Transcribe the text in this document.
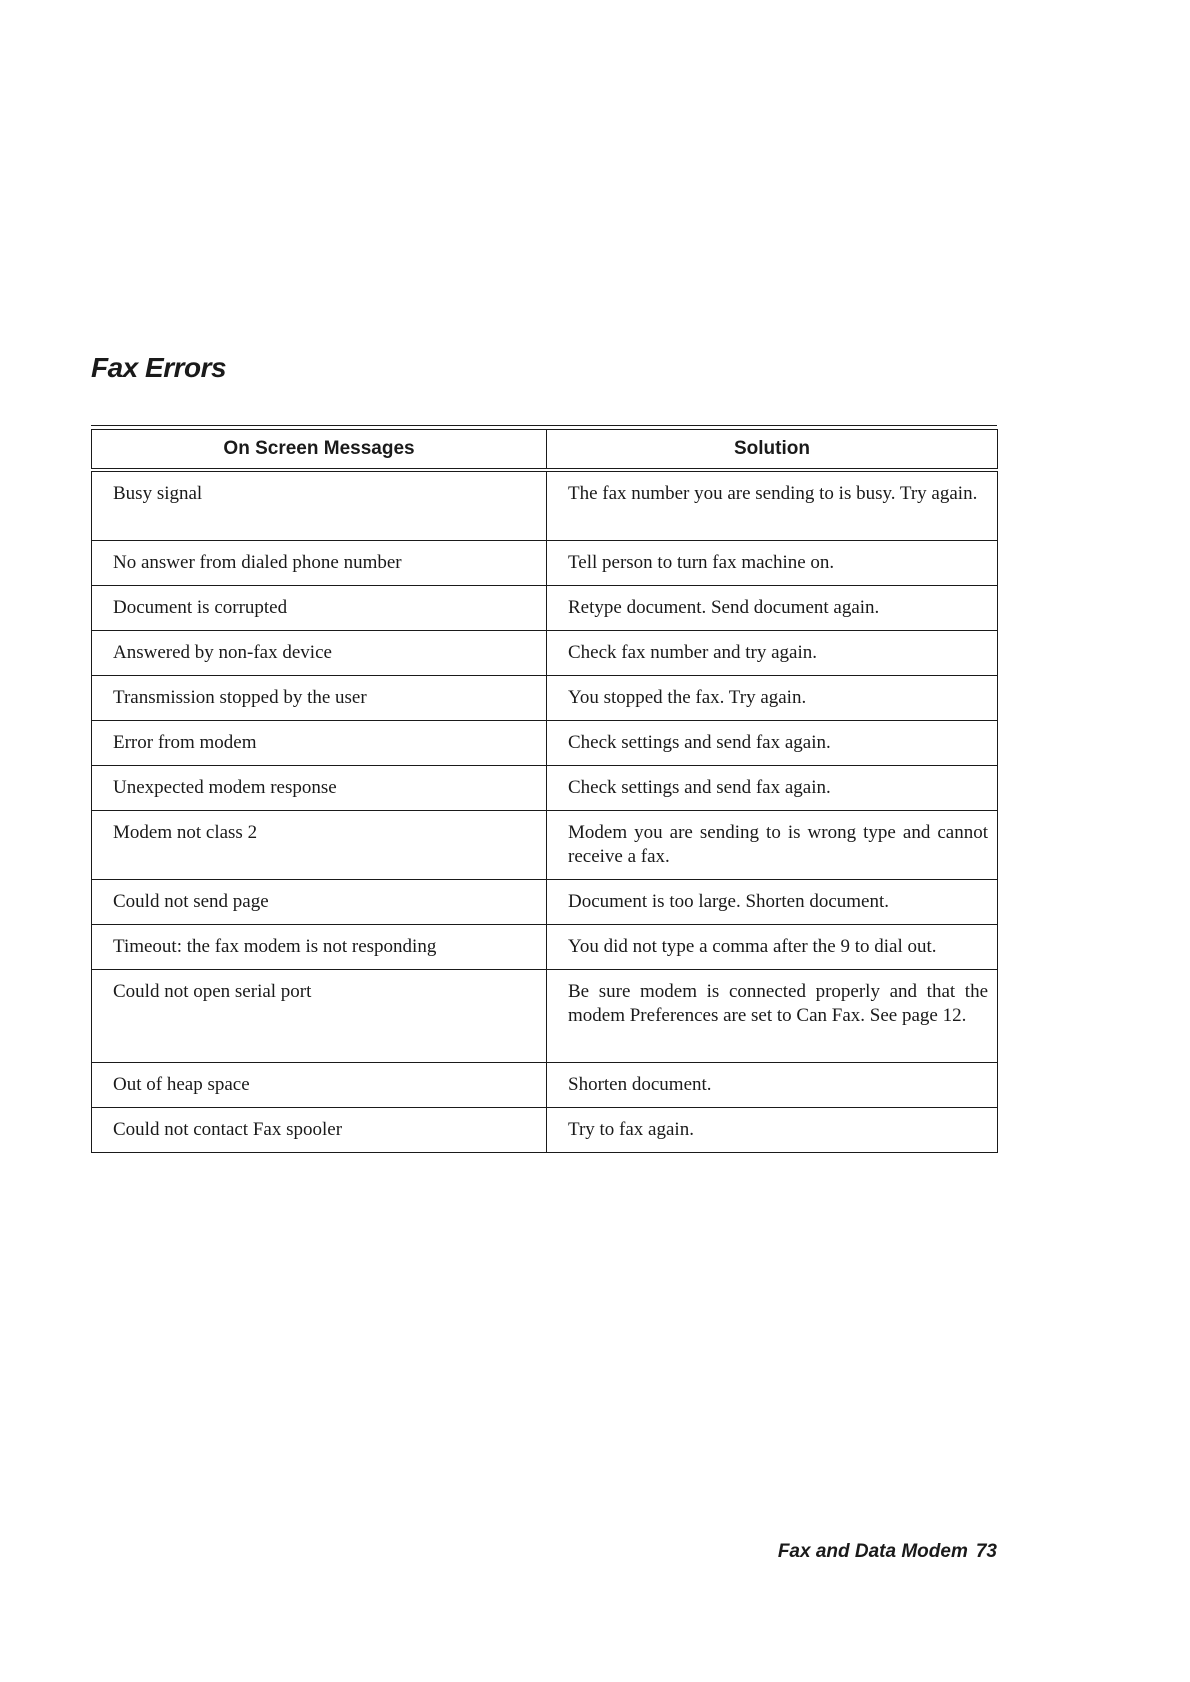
Fax Errors
On Screen Messages	Solution
Busy signal	The fax number you are sending to is busy. Try again.
No answer from dialed phone number	Tell person to turn fax machine on.
Document is corrupted	Retype document. Send document again.
Answered by non-fax device	Check fax number and try again.
Transmission stopped by the user	You stopped the fax. Try again.
Error from modem	Check settings and send fax again.
Unexpected modem response	Check settings and send fax again.
Modem not class 2	Modem you are sending to is wrong type and cannot receive a fax.
Could not send page	Document is too large. Shorten document.
Timeout: the fax modem is not responding	You did not type a comma after the 9 to dial out.
Could not open serial port	Be sure modem is connected properly and that the modem Preferences are set to Can Fax. See page 12.
Out of heap space	Shorten document.
Could not contact Fax spooler	Try to fax again.
Fax and Data Modem 73
